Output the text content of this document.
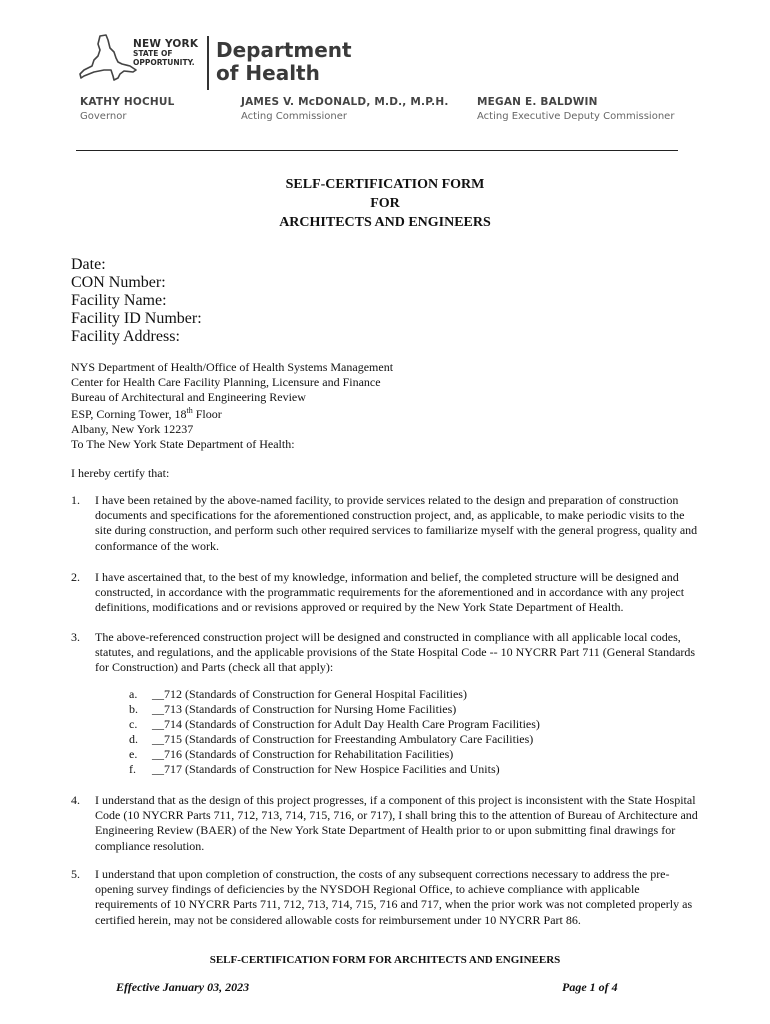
NEW YORK
STATE OF
OPPORTUNITY.
Department
of Health
KATHY HOCHUL
Governor
JAMES V. McDONALD, M.D., M.P.H.
Acting Commissioner
MEGAN E. BALDWIN
Acting Executive Deputy Commissioner
SELF-CERTIFICATION FORM
FOR
ARCHITECTS AND ENGINEERS
Date:
CON Number:
Facility Name:
Facility ID Number:
Facility Address:
NYS Department of Health/Office of Health Systems Management
Center for Health Care Facility Planning, Licensure and Finance
Bureau of Architectural and Engineering Review
ESP, Corning Tower, 18th Floor
Albany, New York 12237
To The New York State Department of Health:
I hereby certify that:
1. I have been retained by the above-named facility, to provide services related to the design and preparation of construction documents and specifications for the aforementioned construction project, and, as applicable, to make periodic visits to the site during construction, and perform such other required services to familiarize myself with the general progress, quality and conformance of the work.
2. I have ascertained that, to the best of my knowledge, information and belief, the completed structure will be designed and constructed, in accordance with the programmatic requirements for the aforementioned and in accordance with any project definitions, modifications and or revisions approved or required by the New York State Department of Health.
3. The above-referenced construction project will be designed and constructed in compliance with all applicable local codes, statutes, and regulations, and the applicable provisions of the State Hospital Code -- 10 NYCRR Part 711 (General Standards for Construction) and Parts (check all that apply):
a.	__712 (Standards of Construction for General Hospital Facilities)
b.	__713 (Standards of Construction for Nursing Home Facilities)
c.	__714 (Standards of Construction for Adult Day Health Care Program Facilities)
d.	__715 (Standards of Construction for Freestanding Ambulatory Care Facilities)
e.	__716 (Standards of Construction for Rehabilitation Facilities)
f.	__717 (Standards of Construction for New Hospice Facilities and Units)
4. I understand that as the design of this project progresses, if a component of this project is inconsistent with the State Hospital Code (10 NYCRR Parts 711, 712, 713, 714, 715, 716, or 717), I shall bring this to the attention of Bureau of Architecture and Engineering Review (BAER) of the New York State Department of Health prior to or upon submitting final drawings for compliance resolution.
5. I understand that upon completion of construction, the costs of any subsequent corrections necessary to address the pre-opening survey findings of deficiencies by the NYSDOH Regional Office, to achieve compliance with applicable requirements of 10 NYCRR Parts 711, 712, 713, 714, 715, 716 and 717, when the prior work was not completed properly as certified herein, may not be considered allowable costs for reimbursement under 10 NYCRR Part 86.
SELF-CERTIFICATION FORM FOR ARCHITECTS AND ENGINEERS
Effective January 03, 2023	Page 1 of 4
